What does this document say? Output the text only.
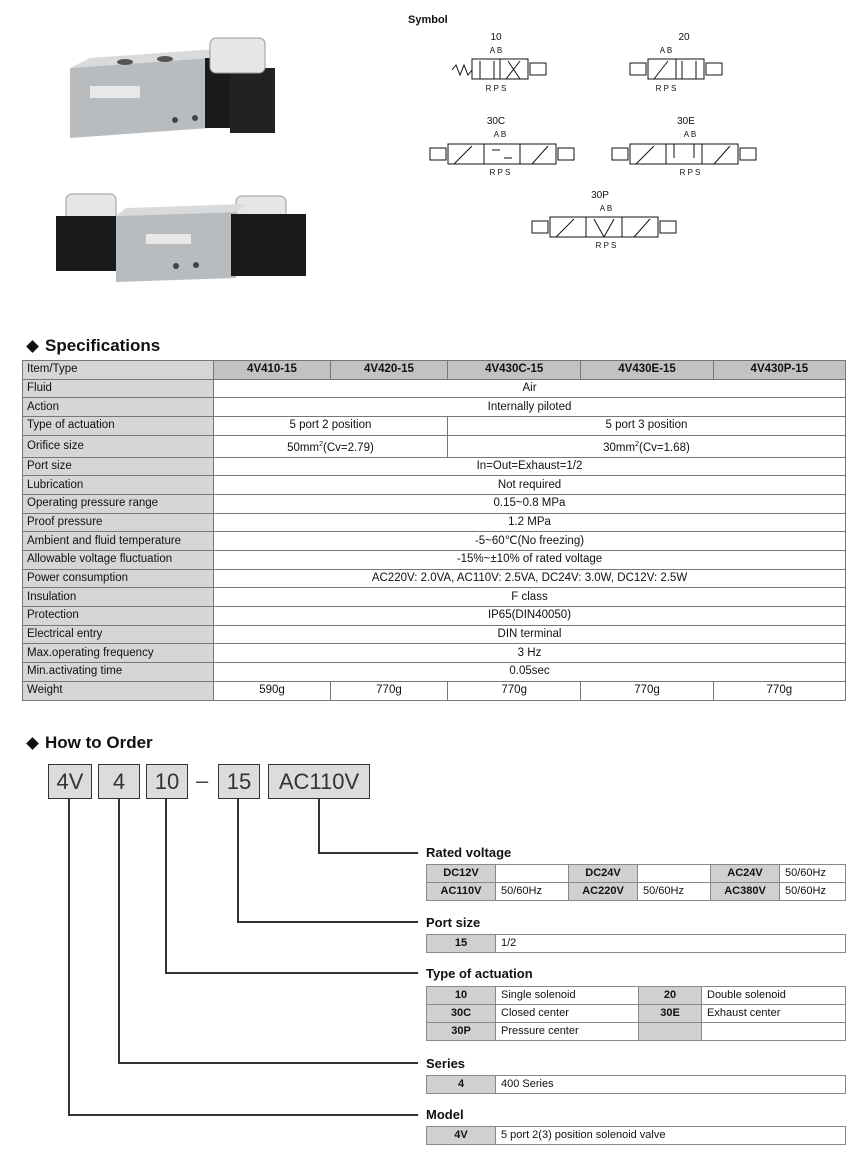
Symbol
10
A B
R P S
20
A B
R P S
30C
A B
R P S
30E
A B
R P S
30P
A B
R P S
Specifications
Item/Type	4V410-15	4V420-15	4V430C-15	4V430E-15	4V430P-15
Fluid	Air				
Action	Internally piloted				
Type of actuation	5 port 2 position		5 port 3 position		
Orifice size	$50mm^2(Cv=2.79)$		$30mm^2(Cv=1.68)$		
Port size	In=Out=Exhaust=1/2				
Lubrication	Not required				
Operating pressure range	0.15~0.8 MPa				
Proof pressure	1.2 MPa				
Ambient and fluid temperature	-5~60℃(No freezing)				
Allowable voltage fluctuation	-15%~±10% of rated voltage				
Power consumption	AC220V: 2.0VA, AC110V: 2.5VA, DC24V: 3.0W, DC12V: 2.5W				
Insulation	F class				
Protection	IP65(DIN40050)				
Electrical entry	DIN terminal				
Max.operating frequency	3 Hz				
Min.activating time	0.05sec				
Weight	590g	770g	770g	770g	770g
How to Order
4V	4	10 – 15	AC110V
Rated voltage
DC12V		DC24V		AC24V	50/60Hz
AC110V	50/60Hz	AC220V	50/60Hz	AC380V	50/60Hz
Port size
15	1/2
Type of actuation
10	Single solenoid	20	Double solenoid
30C	Closed center	30E	Exhaust center
30P	Pressure center		
Series
4	400 Series
Model
4V	5 port 2(3) position solenoid valve
